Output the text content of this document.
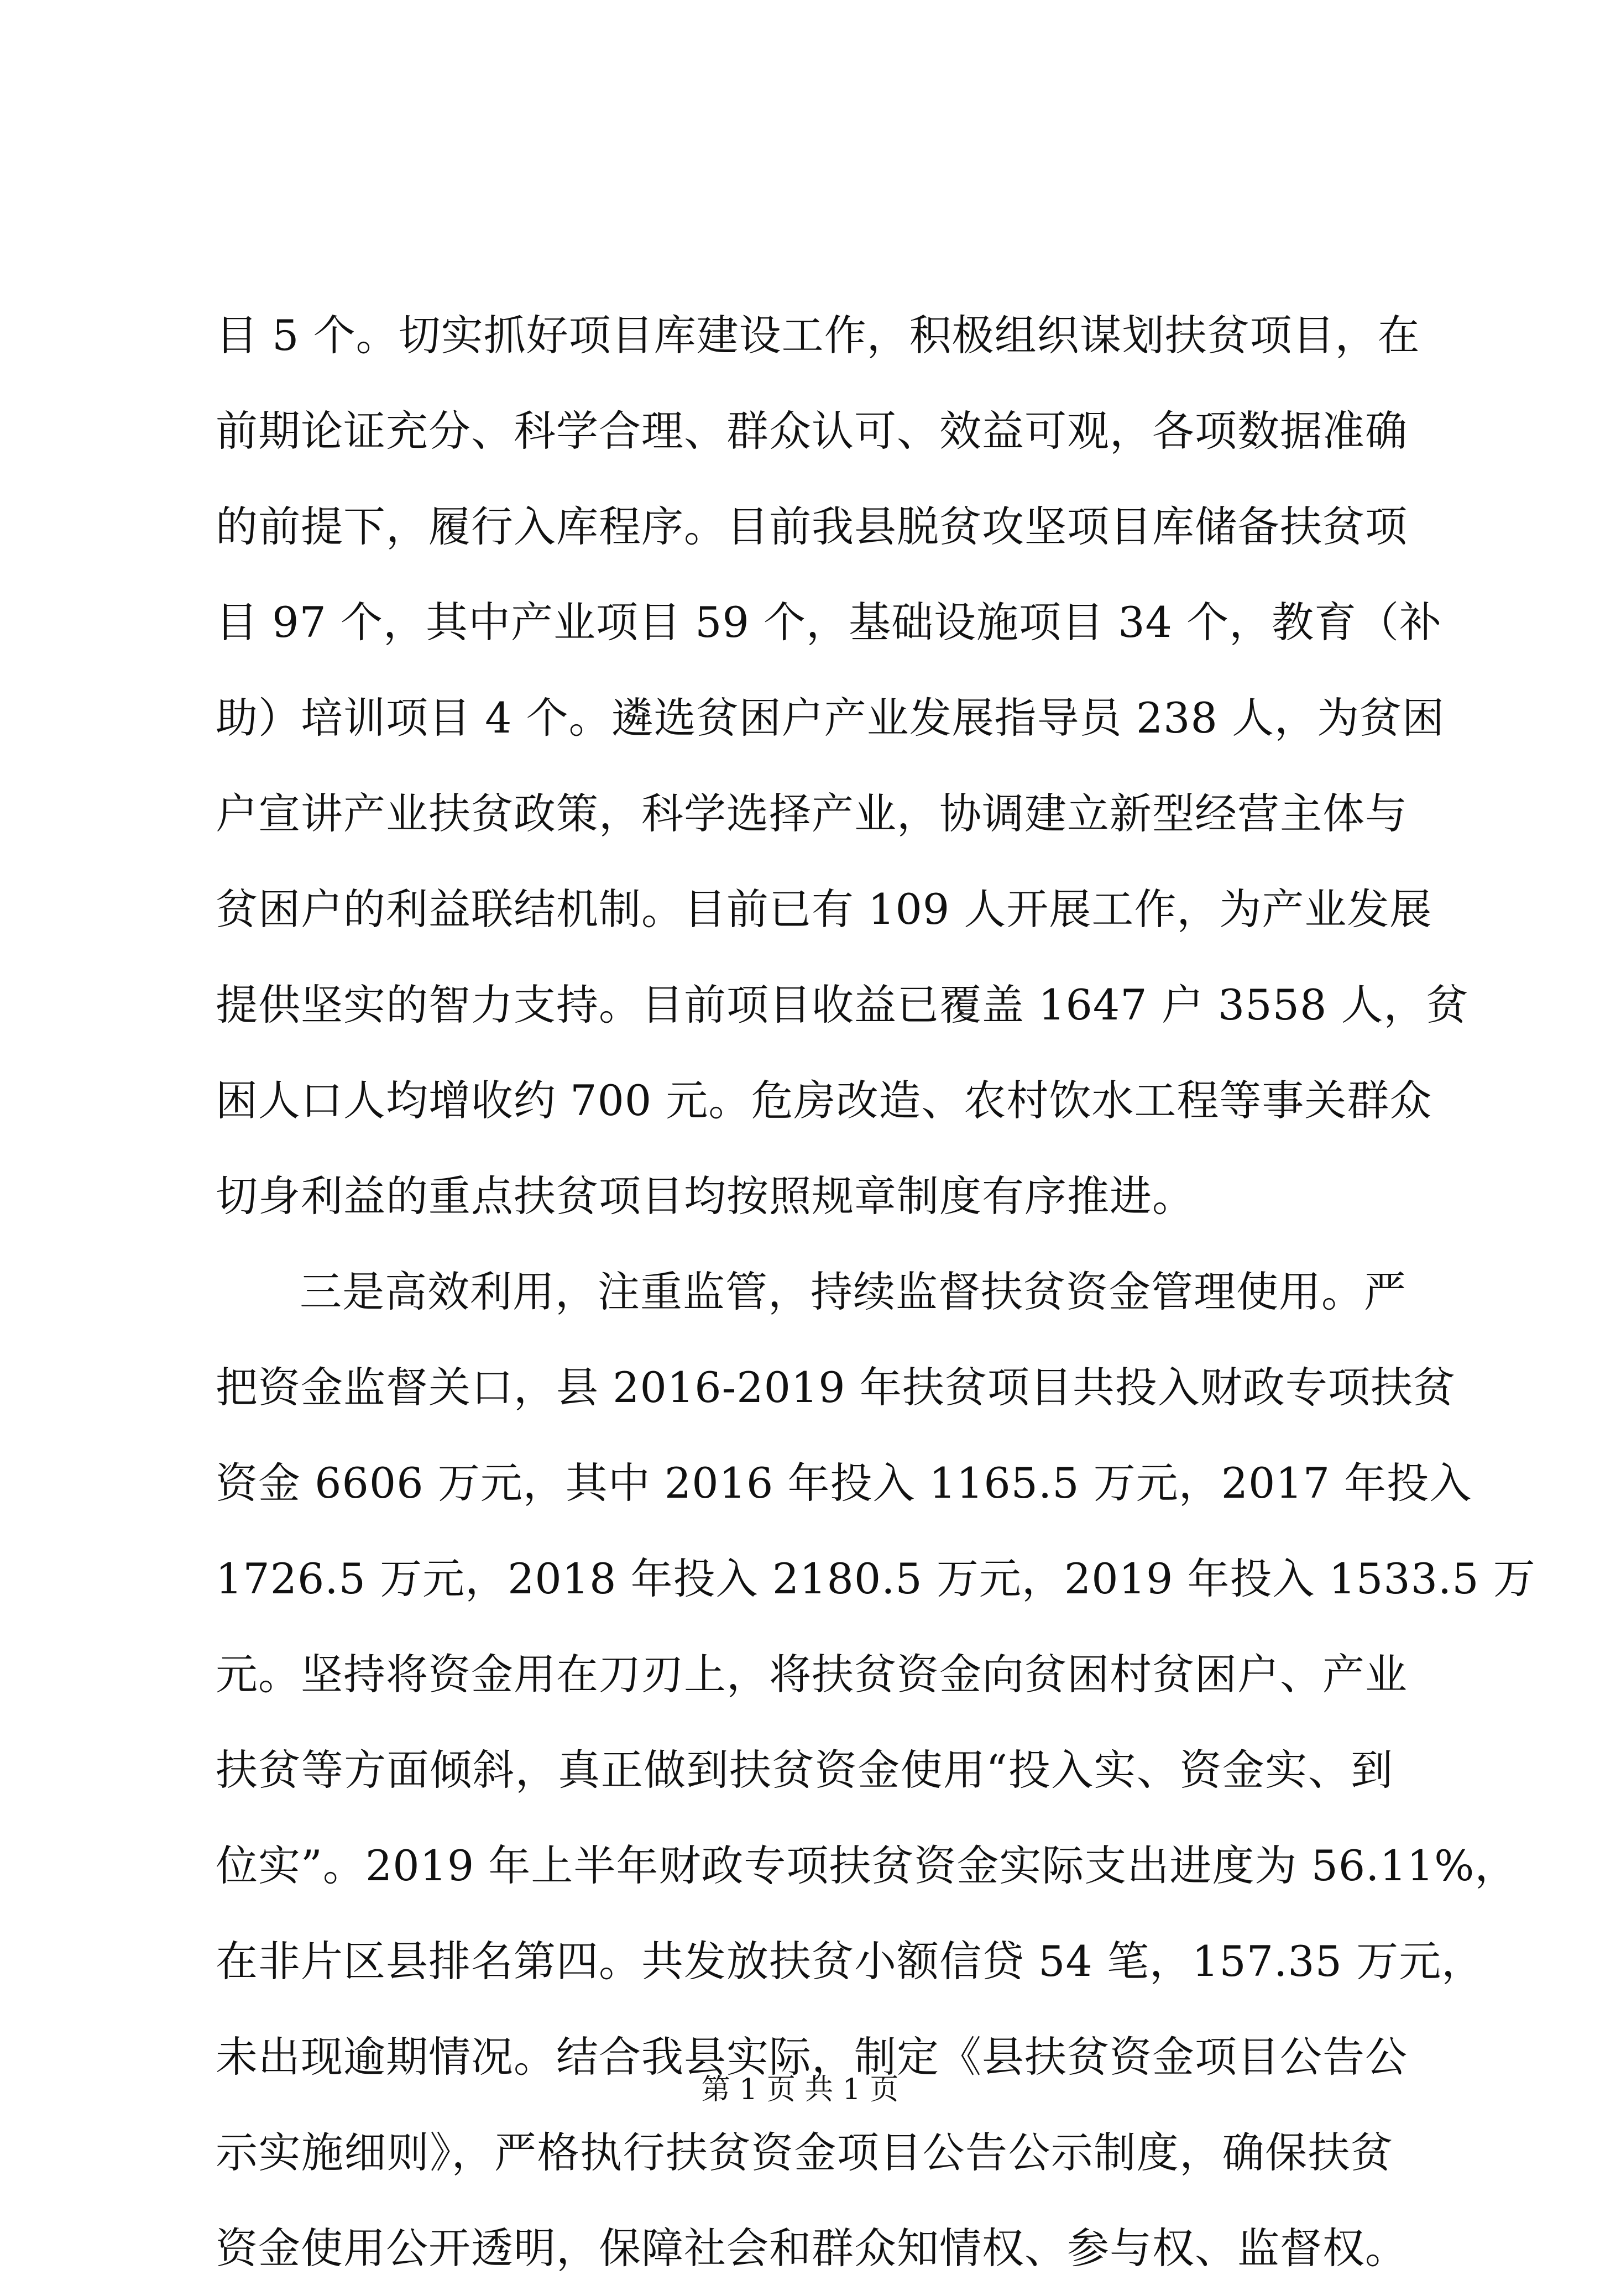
目 5 个。切实抓好项目库建设工作，积极组织谋划扶贫项目，在
前期论证充分、科学合理、群众认可、效益可观，各项数据准确
的前提下，履行入库程序。目前我县脱贫攻坚项目库储备扶贫项
目 97 个，其中产业项目 59 个，基础设施项目 34 个，教育（补
助）培训项目 4 个。遴选贫困户产业发展指导员 238 人，为贫困
户宣讲产业扶贫政策，科学选择产业，协调建立新型经营主体与
贫困户的利益联结机制。目前已有 109 人开展工作，为产业发展
提供坚实的智力支持。目前项目收益已覆盖 1647 户 3558 人，贫
困人口人均增收约 700 元。危房改造、农村饮水工程等事关群众
切身利益的重点扶贫项目均按照规章制度有序推进。
三是高效利用，注重监管，持续监督扶贫资金管理使用。严
把资金监督关口，县 2016-2019 年扶贫项目共投入财政专项扶贫
资金 6606 万元，其中 2016 年投入 1165.5 万元，2017 年投入
1726.5 万元，2018 年投入 2180.5 万元，2019 年投入 1533.5 万
元。坚持将资金用在刀刃上，将扶贫资金向贫困村贫困户、产业
扶贫等方面倾斜，真正做到扶贫资金使用“投入实、资金实、到
位实”。2019 年上半年财政专项扶贫资金实际支出进度为 56.11%，
在非片区县排名第四。共发放扶贫小额信贷 54 笔，157.35 万元，
未出现逾期情况。结合我县实际，制定《县扶贫资金项目公告公
示实施细则》，严格执行扶贫资金项目公告公示制度，确保扶贫
资金使用公开透明，保障社会和群众知情权、参与权、监督权。
第 1 页 共 1 页
